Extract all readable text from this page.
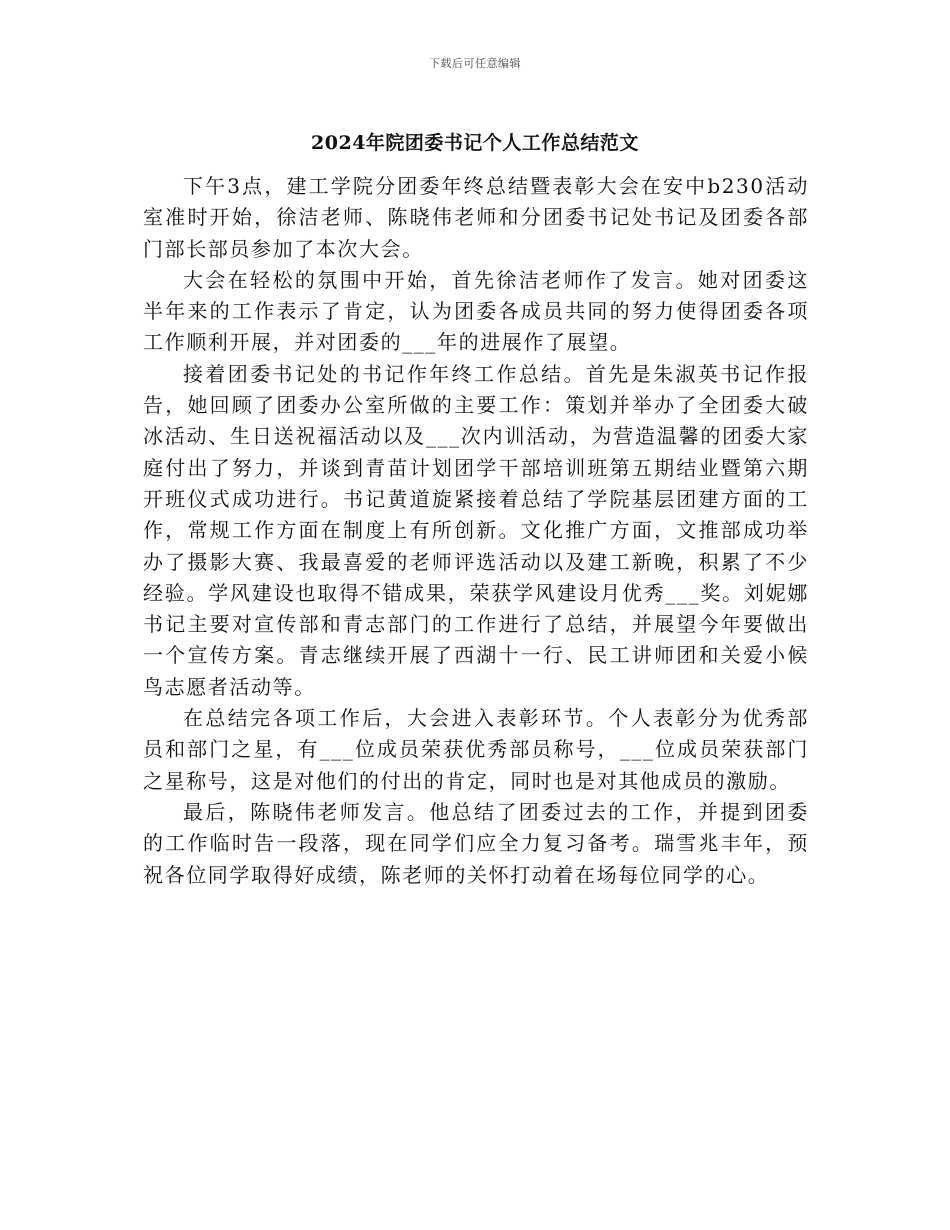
下载后可任意编辑
2024年院团委书记个人工作总结范文

下午3点，建工学院分团委年终总结暨表彰大会在安中b230活动室准时开始，徐洁老师、陈晓伟老师和分团委书记处书记及团委各部门部长部员参加了本次大会。

大会在轻松的氛围中开始，首先徐洁老师作了发言。她对团委这半年来的工作表示了肯定，认为团委各成员共同的努力使得团委各项工作顺利开展，并对团委的___年的进展作了展望。

接着团委书记处的书记作年终工作总结。首先是朱淑英书记作报告，她回顾了团委办公室所做的主要工作：策划并举办了全团委大破冰活动、生日送祝福活动以及___次内训活动，为营造温馨的团委大家庭付出了努力，并谈到青苗计划团学干部培训班第五期结业暨第六期开班仪式成功进行。书记黄道旋紧接着总结了学院基层团建方面的工作，常规工作方面在制度上有所创新。文化推广方面，文推部成功举办了摄影大赛、我最喜爱的老师评选活动以及建工新晚，积累了不少经验。学风建设也取得不错成果，荣获学风建设月优秀___奖。刘妮娜书记主要对宣传部和青志部门的工作进行了总结，并展望今年要做出一个宣传方案。青志继续开展了西湖十一行、民工讲师团和关爱小候鸟志愿者活动等。

在总结完各项工作后，大会进入表彰环节。个人表彰分为优秀部员和部门之星，有___位成员荣获优秀部员称号，___位成员荣获部门之星称号，这是对他们的付出的肯定，同时也是对其他成员的激励。

最后，陈晓伟老师发言。他总结了团委过去的工作，并提到团委的工作临时告一段落，现在同学们应全力复习备考。瑞雪兆丰年，预祝各位同学取得好成绩，陈老师的关怀打动着在场每位同学的心。
